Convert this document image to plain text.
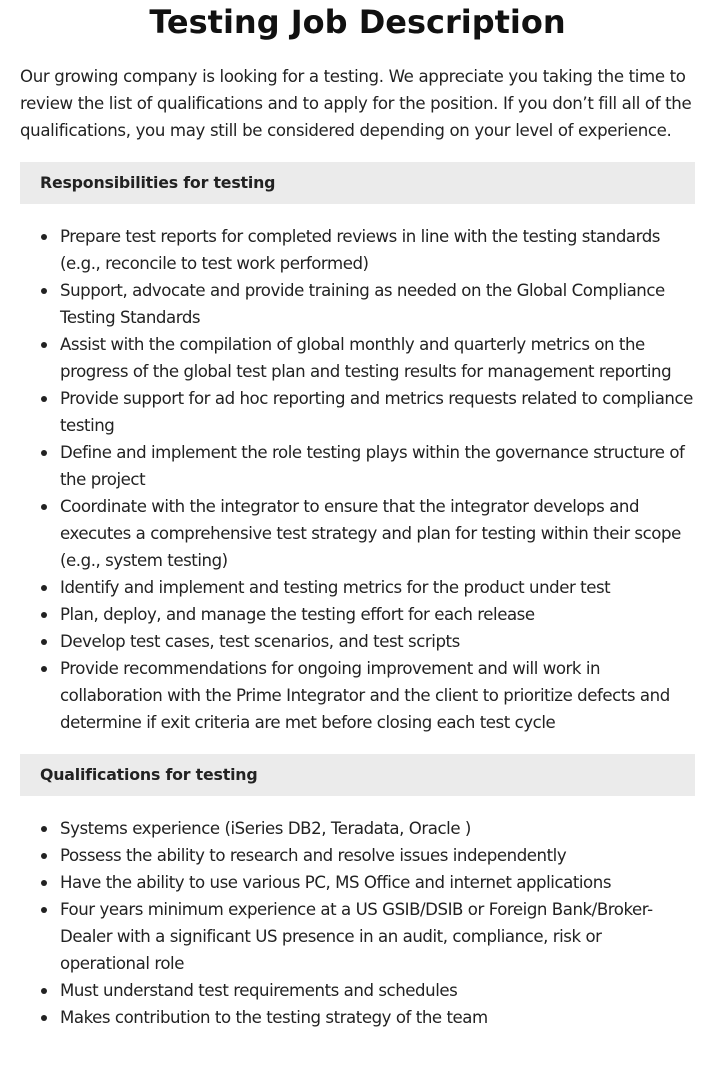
Testing Job Description

Our growing company is looking for a testing. We appreciate you taking the time to review the list of qualifications and to apply for the position. If you don’t fill all of the qualifications, you may still be considered depending on your level of experience.

Responsibilities for testing
Prepare test reports for completed reviews in line with the testing standards (e.g., reconcile to test work performed)
Support, advocate and provide training as needed on the Global Compliance Testing Standards
Assist with the compilation of global monthly and quarterly metrics on the progress of the global test plan and testing results for management reporting
Provide support for ad hoc reporting and metrics requests related to compliance testing
Define and implement the role testing plays within the governance structure of the project
Coordinate with the integrator to ensure that the integrator develops and executes a comprehensive test strategy and plan for testing within their scope (e.g., system testing)
Identify and implement and testing metrics for the product under test
Plan, deploy, and manage the testing effort for each release
Develop test cases, test scenarios, and test scripts
Provide recommendations for ongoing improvement and will work in collaboration with the Prime Integrator and the client to prioritize defects and determine if exit criteria are met before closing each test cycle
Qualifications for testing
Systems experience (iSeries DB2, Teradata, Oracle )
Possess the ability to research and resolve issues independently
Have the ability to use various PC, MS Office and internet applications
Four years minimum experience at a US GSIB/DSIB or Foreign Bank/Broker-Dealer with a significant US presence in an audit, compliance, risk or operational role
Must understand test requirements and schedules
Makes contribution to the testing strategy of the team
